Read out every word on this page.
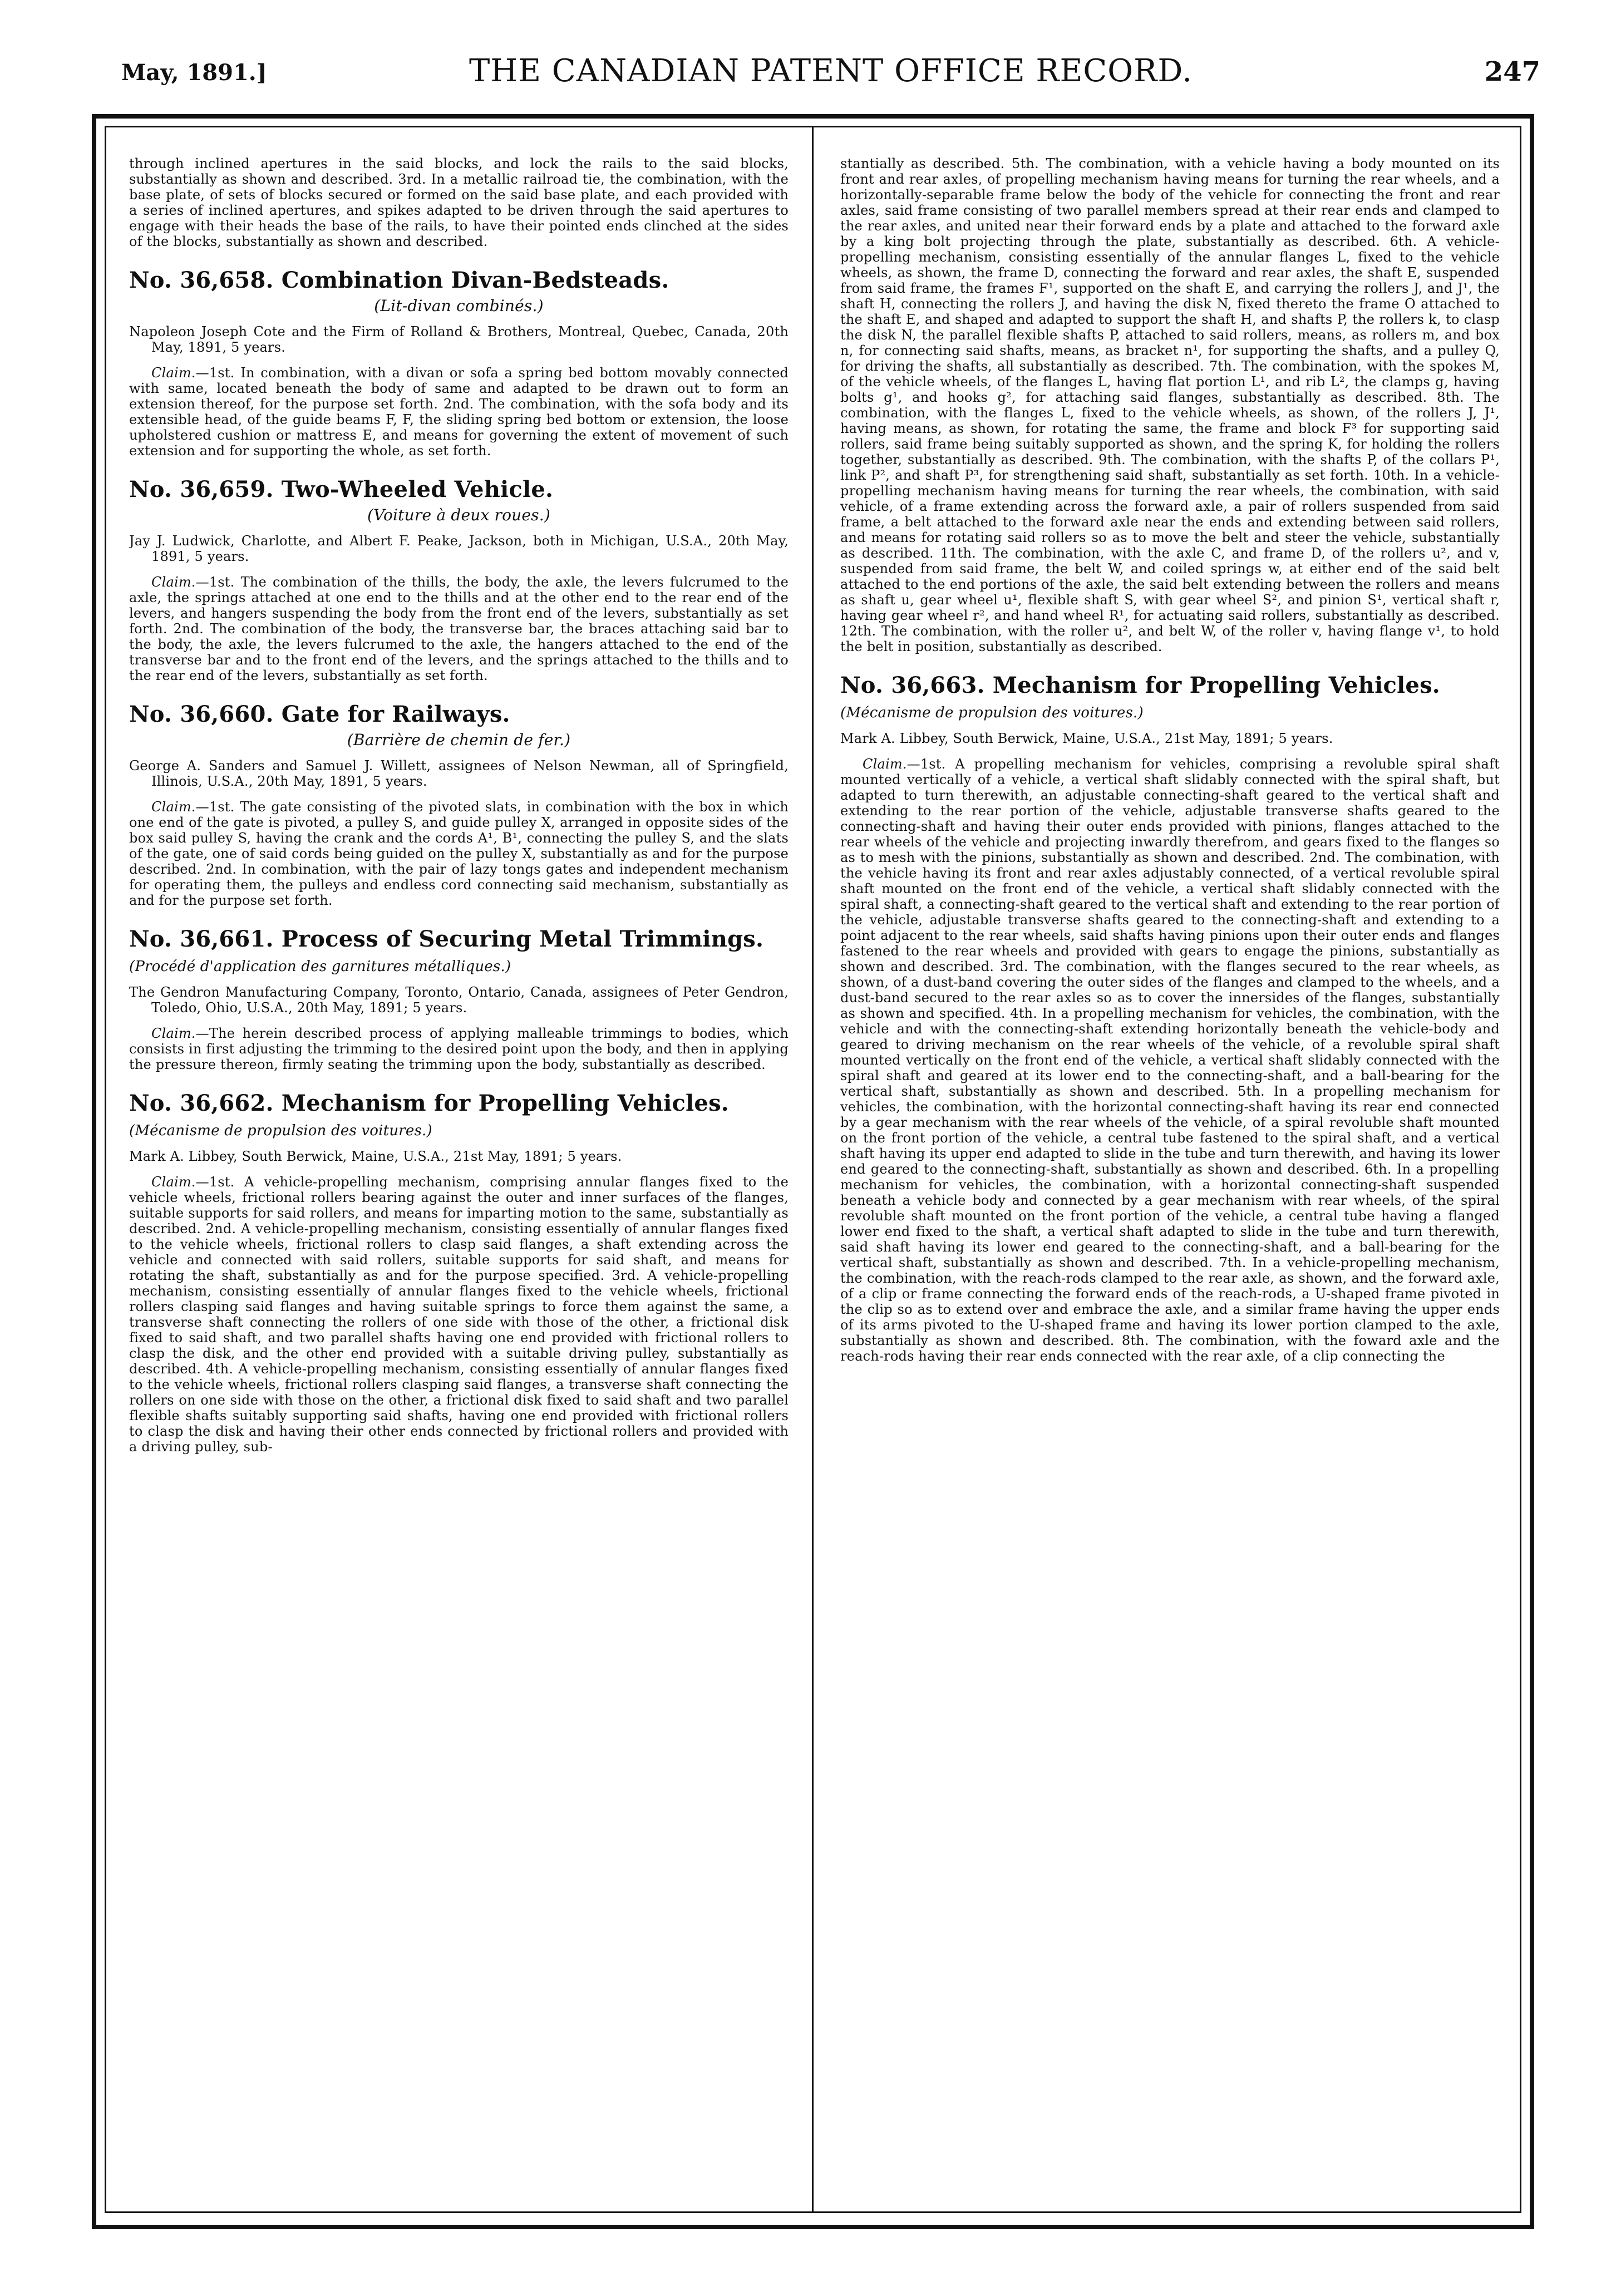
May, 1891.]	THE CANADIAN PATENT OFFICE RECORD.	247

through inclined apertures in the said blocks, and lock the rails to the said blocks, substantially as shown and described. 3rd. In a metallic railroad tie, the combination, with the base plate, of sets of blocks secured or formed on the said base plate, and each provided with a series of inclined apertures, and spikes adapted to be driven through the said apertures to engage with their heads the base of the rails, to have their pointed ends clinched at the sides of the blocks, substantially as shown and described.

No. 36,658. Combination Divan-Bedsteads.
(Lit-divan combinés.)

Napoleon Joseph Cote and the Firm of Rolland & Brothers, Montreal, Quebec, Canada, 20th May, 1891, 5 years.

Claim.—1st. In combination, with a divan or sofa a spring bed bottom movably connected with same, located beneath the body of same and adapted to be drawn out to form an extension thereof, for the purpose set forth. 2nd. The combination, with the sofa body and its extensible head, of the guide beams F, F, the sliding spring bed bottom or extension, the loose upholstered cushion or mattress E, and means for governing the extent of movement of such extension and for supporting the whole, as set forth.

No. 36,659. Two-Wheeled Vehicle.
(Voiture à deux roues.)

Jay J. Ludwick, Charlotte, and Albert F. Peake, Jackson, both in Michigan, U.S.A., 20th May, 1891, 5 years.

Claim.—1st. The combination of the thills, the body, the axle, the levers fulcrumed to the axle, the springs attached at one end to the thills and at the other end to the rear end of the levers, and hangers suspending the body from the front end of the levers, substantially as set forth. 2nd. The combination of the body, the transverse bar, the braces attaching said bar to the body, the axle, the levers fulcrumed to the axle, the hangers attached to the end of the transverse bar and to the front end of the levers, and the springs attached to the thills and to the rear end of the levers, substantially as set forth.

No. 36,660. Gate for Railways.
(Barrière de chemin de fer.)

George A. Sanders and Samuel J. Willett, assignees of Nelson Newman, all of Springfield, Illinois, U.S.A., 20th May, 1891, 5 years.

Claim.—1st. The gate consisting of the pivoted slats, in combination with the box in which one end of the gate is pivoted, a pulley S, and guide pulley X, arranged in opposite sides of the box said pulley S, having the crank and the cords A¹, B¹, connecting the pulley S, and the slats of the gate, one of said cords being guided on the pulley X, substantially as and for the purpose described. 2nd. In combination, with the pair of lazy tongs gates and independent mechanism for operating them, the pulleys and endless cord connecting said mechanism, substantially as and for the purpose set forth.

No. 36,661. Process of Securing Metal Trimmings. (Procédé d'application des garnitures métalliques.)

The Gendron Manufacturing Company, Toronto, Ontario, Canada, assignees of Peter Gendron, Toledo, Ohio, U.S.A., 20th May, 1891; 5 years.

Claim.—The herein described process of applying malleable trimmings to bodies, which consists in first adjusting the trimming to the desired point upon the body, and then in applying the pressure thereon, firmly seating the trimming upon the body, substantially as described.

No. 36,662. Mechanism for Propelling Vehicles. (Mécanisme de propulsion des voitures.)

Mark A. Libbey, South Berwick, Maine, U.S.A., 21st May, 1891; 5 years.

Claim.—1st. A vehicle-propelling mechanism, comprising annular flanges fixed to the vehicle wheels, frictional rollers bearing against the outer and inner surfaces of the flanges, suitable supports for said rollers, and means for imparting motion to the same, substantially as described. 2nd. A vehicle-propelling mechanism, consisting essentially of annular flanges fixed to the vehicle wheels, frictional rollers to clasp said flanges, a shaft extending across the vehicle and connected with said rollers, suitable supports for said shaft, and means for rotating the shaft, substantially as and for the purpose specified. 3rd. A vehicle-propelling mechanism, consisting essentially of annular flanges fixed to the vehicle wheels, frictional rollers clasping said flanges and having suitable springs to force them against the same, a transverse shaft connecting the rollers of one side with those of the other, a frictional disk fixed to said shaft, and two parallel shafts having one end provided with frictional rollers to clasp the disk, and the other end provided with a suitable driving pulley, substantially as described. 4th. A vehicle-propelling mechanism, consisting essentially of annular flanges fixed to the vehicle wheels, frictional rollers clasping said flanges, a transverse shaft connecting the rollers on one side with those on the other, a frictional disk fixed to said shaft and two parallel flexible shafts suitably supporting said shafts, having one end provided with frictional rollers to clasp the disk and having their other ends connected by frictional rollers and provided with a driving pulley, sub-

stantially as described. 5th. The combination, with a vehicle having a body mounted on its front and rear axles, of propelling mechanism having means for turning the rear wheels, and a horizontally-separable frame below the body of the vehicle for connecting the front and rear axles, said frame consisting of two parallel members spread at their rear ends and clamped to the rear axles, and united near their forward ends by a plate and attached to the forward axle by a king bolt projecting through the plate, substantially as described. 6th. A vehicle-propelling mechanism, consisting essentially of the annular flanges L, fixed to the vehicle wheels, as shown, the frame D, connecting the forward and rear axles, the shaft E, suspended from said frame, the frames F¹, supported on the shaft E, and carrying the rollers J, and J¹, the shaft H, connecting the rollers J, and having the disk N, fixed thereto the frame O attached to the shaft E, and shaped and adapted to support the shaft H, and shafts P, the rollers k, to clasp the disk N, the parallel flexible shafts P, attached to said rollers, means, as rollers m, and box n, for connecting said shafts, means, as bracket n¹, for supporting the shafts, and a pulley Q, for driving the shafts, all substantially as described. 7th. The combination, with the spokes M, of the vehicle wheels, of the flanges L, having flat portion L¹, and rib L², the clamps g, having bolts g¹, and hooks g², for attaching said flanges, substantially as described. 8th. The combination, with the flanges L, fixed to the vehicle wheels, as shown, of the rollers J, J¹, having means, as shown, for rotating the same, the frame and block F³ for supporting said rollers, said frame being suitably supported as shown, and the spring K, for holding the rollers together, substantially as described. 9th. The combination, with the shafts P, of the collars P¹, link P², and shaft P³, for strengthening said shaft, substantially as set forth. 10th. In a vehicle-propelling mechanism having means for turning the rear wheels, the combination, with said vehicle, of a frame extending across the forward axle, a pair of rollers suspended from said frame, a belt attached to the forward axle near the ends and extending between said rollers, and means for rotating said rollers so as to move the belt and steer the vehicle, substantially as described. 11th. The combination, with the axle C, and frame D, of the rollers u², and v, suspended from said frame, the belt W, and coiled springs w, at either end of the said belt attached to the end portions of the axle, the said belt extending between the rollers and means as shaft u, gear wheel u¹, flexible shaft S, with gear wheel S², and pinion S¹, vertical shaft r, having gear wheel r², and hand wheel R¹, for actuating said rollers, substantially as described. 12th. The combination, with the roller u², and belt W, of the roller v, having flange v¹, to hold the belt in position, substantially as described.

No. 36,663. Mechanism for Propelling Vehicles. (Mécanisme de propulsion des voitures.)

Mark A. Libbey, South Berwick, Maine, U.S.A., 21st May, 1891; 5 years.

Claim.—1st. A propelling mechanism for vehicles, comprising a revoluble spiral shaft mounted vertically of a vehicle, a vertical shaft slidably connected with the spiral shaft, but adapted to turn therewith, an adjustable connecting-shaft geared to the vertical shaft and extending to the rear portion of the vehicle, adjustable transverse shafts geared to the connecting-shaft and having their outer ends provided with pinions, flanges attached to the rear wheels of the vehicle and projecting inwardly therefrom, and gears fixed to the flanges so as to mesh with the pinions, substantially as shown and described. 2nd. The combination, with the vehicle having its front and rear axles adjustably connected, of a vertical revoluble spiral shaft mounted on the front end of the vehicle, a vertical shaft slidably connected with the spiral shaft, a connecting-shaft geared to the vertical shaft and extending to the rear portion of the vehicle, adjustable transverse shafts geared to the connecting-shaft and extending to a point adjacent to the rear wheels, said shafts having pinions upon their outer ends and flanges fastened to the rear wheels and provided with gears to engage the pinions, substantially as shown and described. 3rd. The combination, with the flanges secured to the rear wheels, as shown, of a dust-band covering the outer sides of the flanges and clamped to the wheels, and a dust-band secured to the rear axles so as to cover the innersides of the flanges, substantially as shown and specified. 4th. In a propelling mechanism for vehicles, the combination, with the vehicle and with the connecting-shaft extending horizontally beneath the vehicle-body and geared to driving mechanism on the rear wheels of the vehicle, of a revoluble spiral shaft mounted vertically on the front end of the vehicle, a vertical shaft slidably connected with the spiral shaft and geared at its lower end to the connecting-shaft, and a ball-bearing for the vertical shaft, substantially as shown and described. 5th. In a propelling mechanism for vehicles, the combination, with the horizontal connecting-shaft having its rear end connected by a gear mechanism with the rear wheels of the vehicle, of a spiral revoluble shaft mounted on the front portion of the vehicle, a central tube fastened to the spiral shaft, and a vertical shaft having its upper end adapted to slide in the tube and turn therewith, and having its lower end geared to the connecting-shaft, substantially as shown and described. 6th. In a propelling mechanism for vehicles, the combination, with a horizontal connecting-shaft suspended beneath a vehicle body and connected by a gear mechanism with rear wheels, of the spiral revoluble shaft mounted on the front portion of the vehicle, a central tube having a flanged lower end fixed to the shaft, a vertical shaft adapted to slide in the tube and turn therewith, said shaft having its lower end geared to the connecting-shaft, and a ball-bearing for the vertical shaft, substantially as shown and described. 7th. In a vehicle-propelling mechanism, the combination, with the reach-rods clamped to the rear axle, as shown, and the forward axle, of a clip or frame connecting the forward ends of the reach-rods, a U-shaped frame pivoted in the clip so as to extend over and embrace the axle, and a similar frame having the upper ends of its arms pivoted to the U-shaped frame and having its lower portion clamped to the axle, substantially as shown and described. 8th. The combination, with the foward axle and the reach-rods having their rear ends connected with the rear axle, of a clip connecting the
